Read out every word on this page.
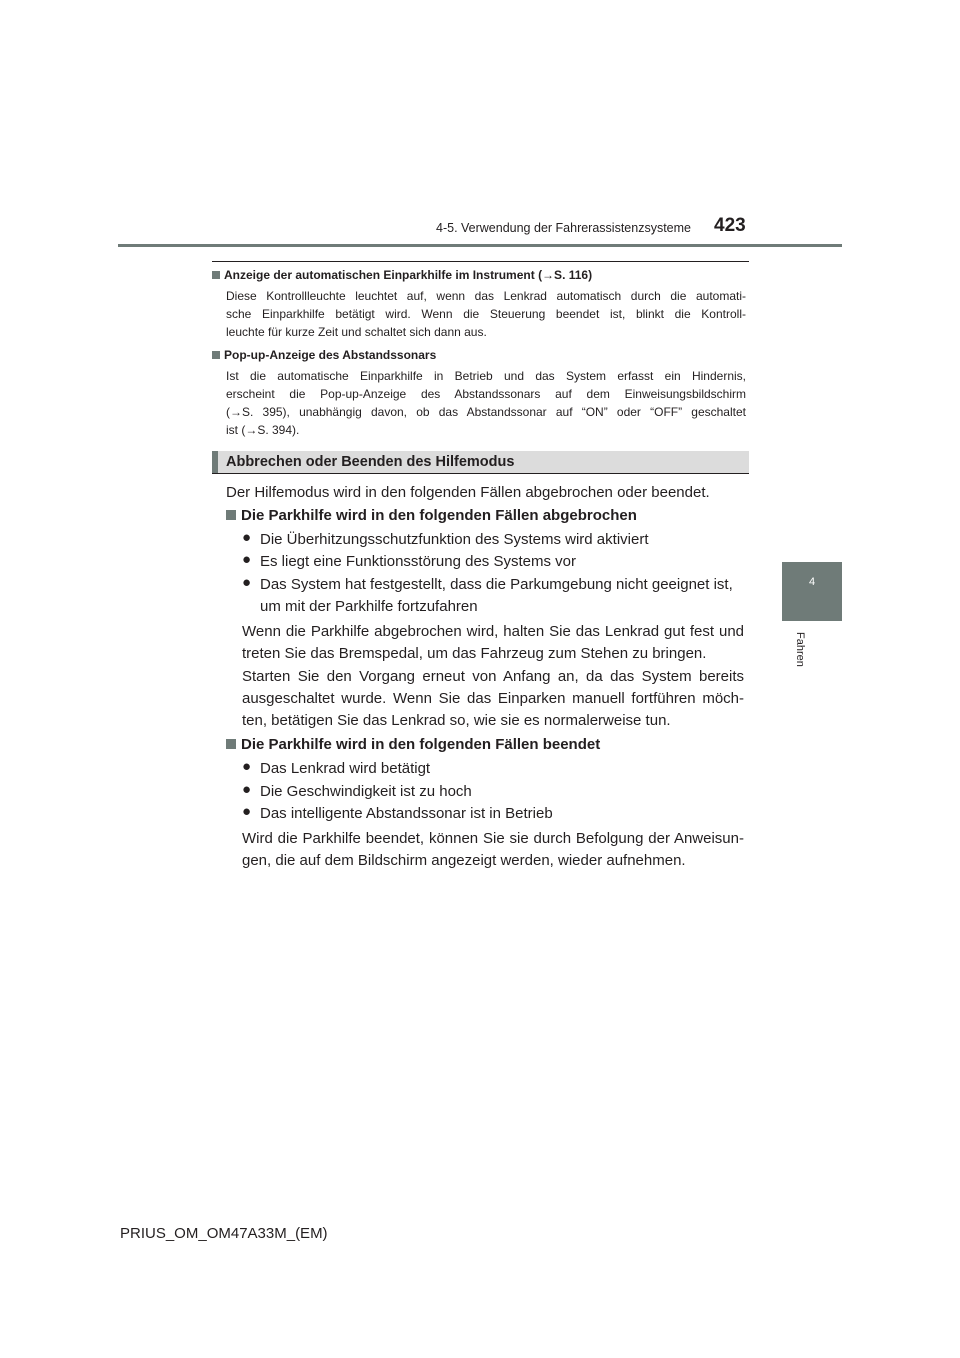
4-5. Verwendung der Fahrerassistenzsysteme 423
4
Fahren
Anzeige der automatischen Einparkhilfe im Instrument (→S. 116)
Diese Kontrollleuchte leuchtet auf, wenn das Lenkrad automatisch durch die automati-
sche Einparkhilfe betätigt wird. Wenn die Steuerung beendet ist, blinkt die Kontroll-
leuchte für kurze Zeit und schaltet sich dann aus.
Pop-up-Anzeige des Abstandssonars
Ist die automatische Einparkhilfe in Betrieb und das System erfasst ein Hindernis,
erscheint die Pop-up-Anzeige des Abstandssonars auf dem Einweisungsbildschirm
(→S. 395), unabhängig davon, ob das Abstandssonar auf “ON” oder “OFF” geschaltet
ist (→S. 394).
Abbrechen oder Beenden des Hilfemodus
Der Hilfemodus wird in den folgenden Fällen abgebrochen oder beendet.
Die Parkhilfe wird in den folgenden Fällen abgebrochen
● Die Überhitzungsschutzfunktion des Systems wird aktiviert
● Es liegt eine Funktionsstörung des Systems vor
● Das System hat festgestellt, dass die Parkumgebung nicht geeignet ist,
um mit der Parkhilfe fortzufahren
Wenn die Parkhilfe abgebrochen wird, halten Sie das Lenkrad gut fest und
treten Sie das Bremspedal, um das Fahrzeug zum Stehen zu bringen.
Starten Sie den Vorgang erneut von Anfang an, da das System bereits
ausgeschaltet wurde. Wenn Sie das Einparken manuell fortführen möch-
ten, betätigen Sie das Lenkrad so, wie sie es normalerweise tun.
Die Parkhilfe wird in den folgenden Fällen beendet
● Das Lenkrad wird betätigt
● Die Geschwindigkeit ist zu hoch
● Das intelligente Abstandssonar ist in Betrieb
Wird die Parkhilfe beendet, können Sie sie durch Befolgung der Anweisun-
gen, die auf dem Bildschirm angezeigt werden, wieder aufnehmen.
PRIUS_OM_OM47A33M_(EM)
